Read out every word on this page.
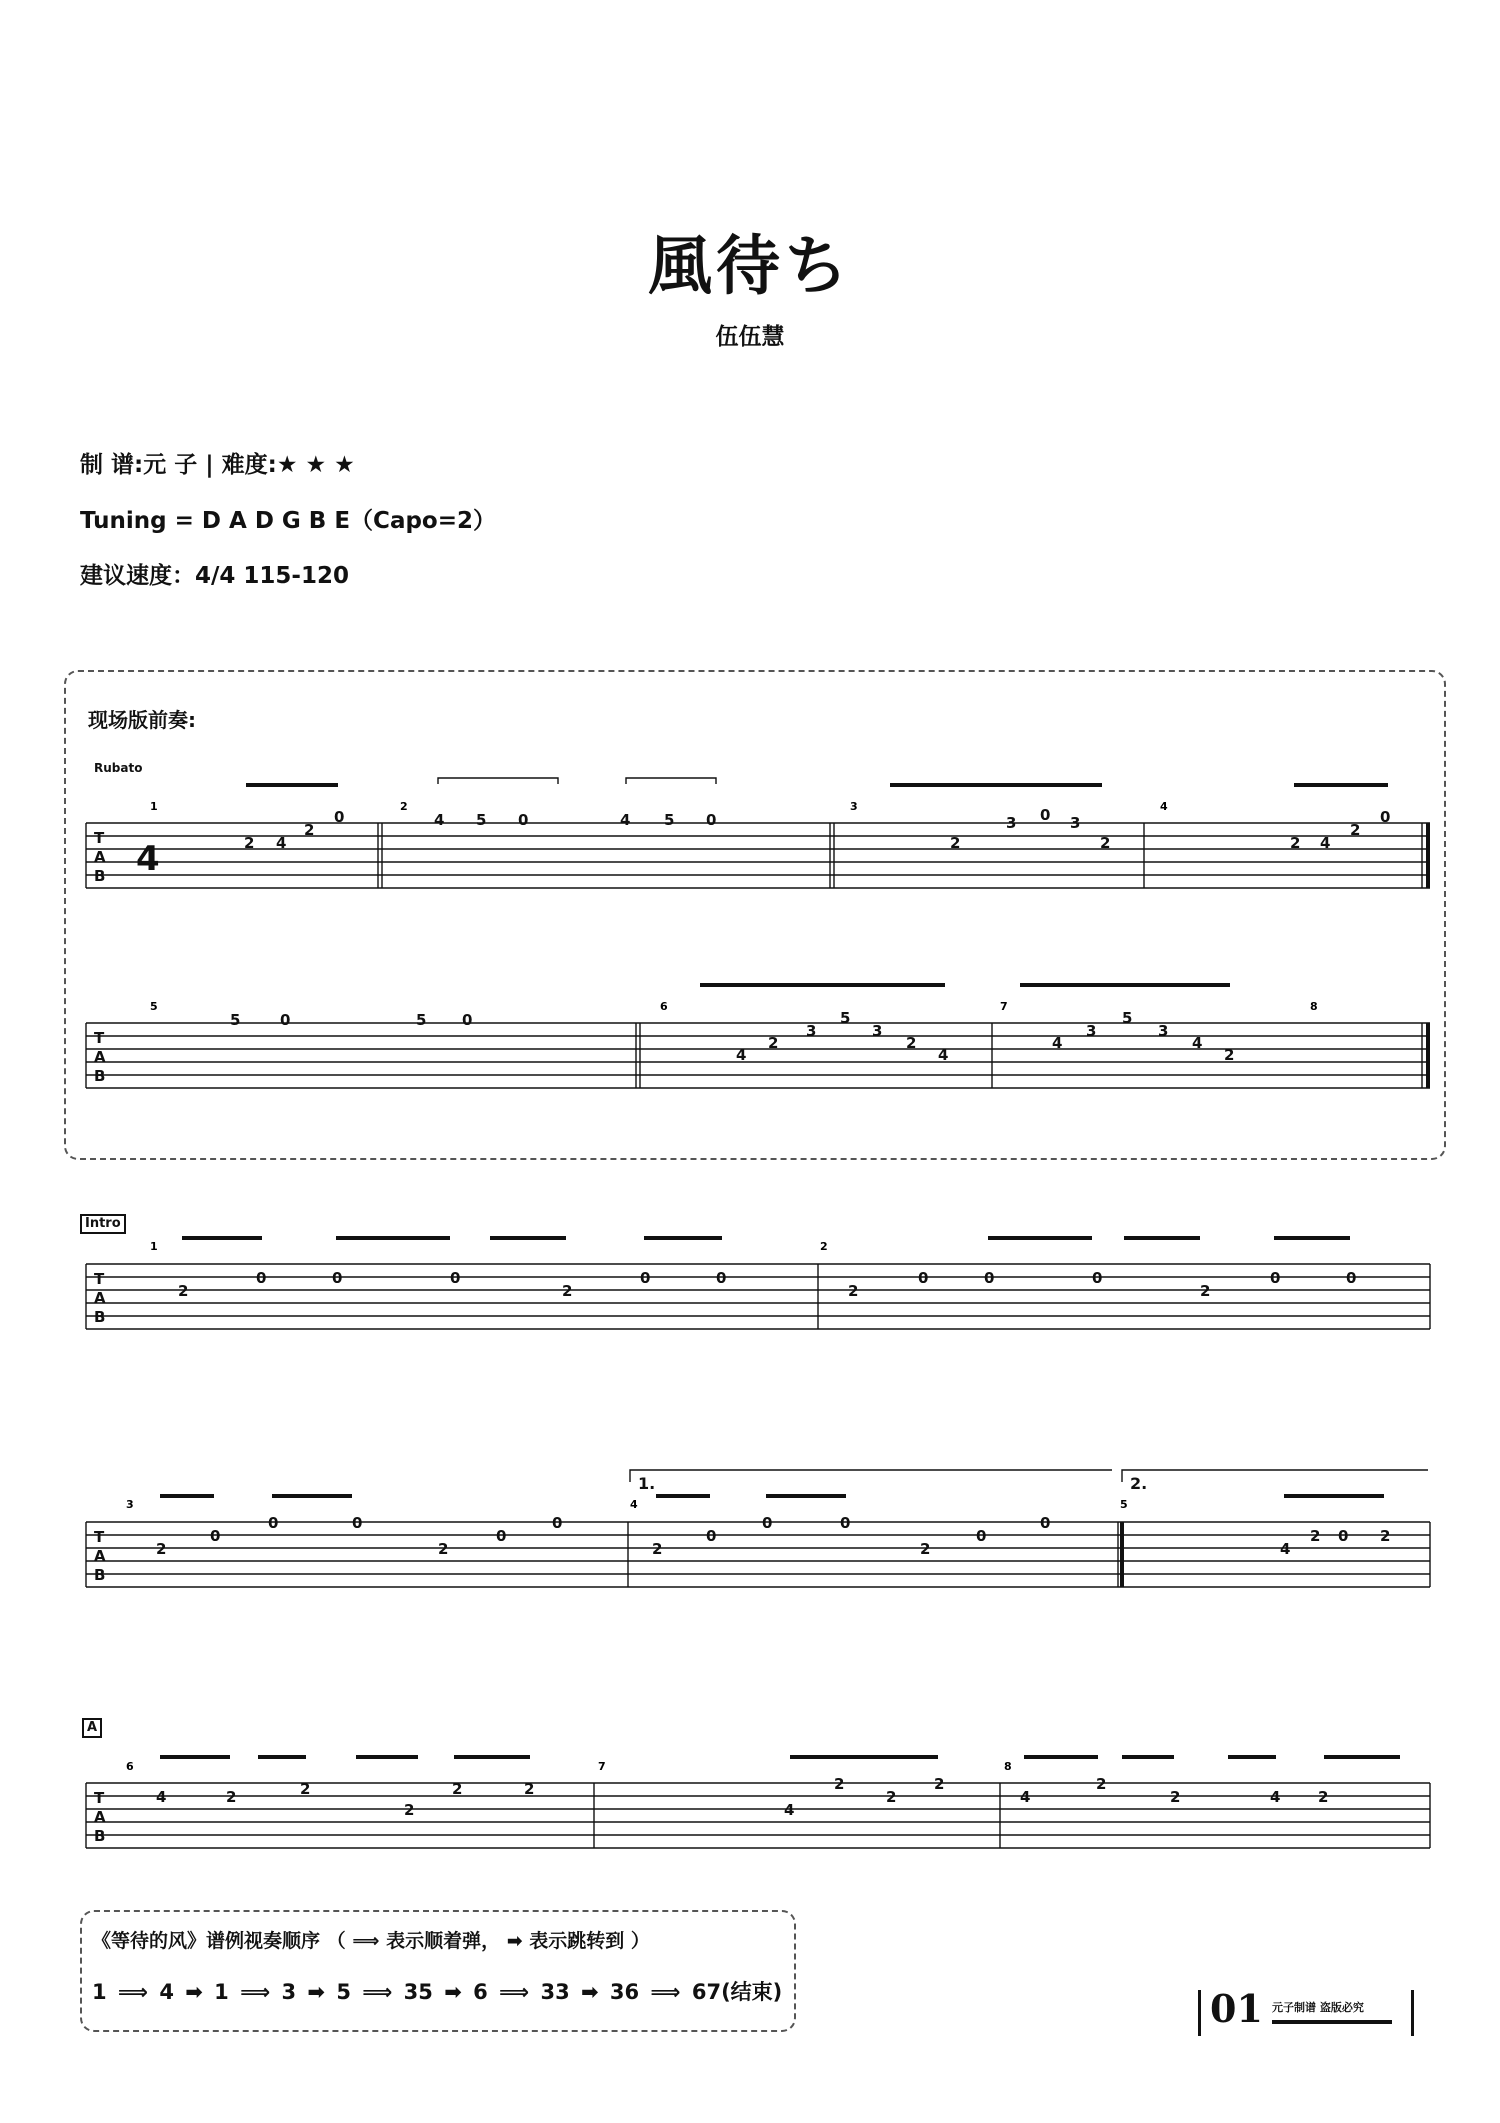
風待ち
伍伍慧
制 谱:元 子 | 难度:★ ★ ★
Tuning = D A D G B E（Capo=2）
建议速度：4/4 115-120
现场版前奏:
Rubato
T
A
B 4	2 4
2
0	4 5 0	4 5 0
2
3 0 3
2	2 4
2
0
T
A
B
5	0	5 0
4
2
3
5
3
2
4
4
3
5
3
4
2
T
A
B
2
0	0	0
2
0	0
2
0	0	0
2
0	0
T
A
B
2
0
0	0
2
0
0
2
0
0	0
2
0
0
4
2 0 2
T
A
B
4	2	2
2
2	2
4
2
2
2
4
2
2	4	2
1	2	3	4
5	6	7	8
1	2
3	4	5
6	7	8
Intro
A
1.	2.
《等待的风》谱例视奏顺序 （ ⟹ 表示顺着弹， ➡ 表示跳转到 ）
1 ⟹ 4 ➡ 1 ⟹ 3 ➡ 5 ⟹ 35 ➡ 6 ⟹ 33 ➡ 36 ⟹ 67(结束)	01 元子制谱 盗版必究
